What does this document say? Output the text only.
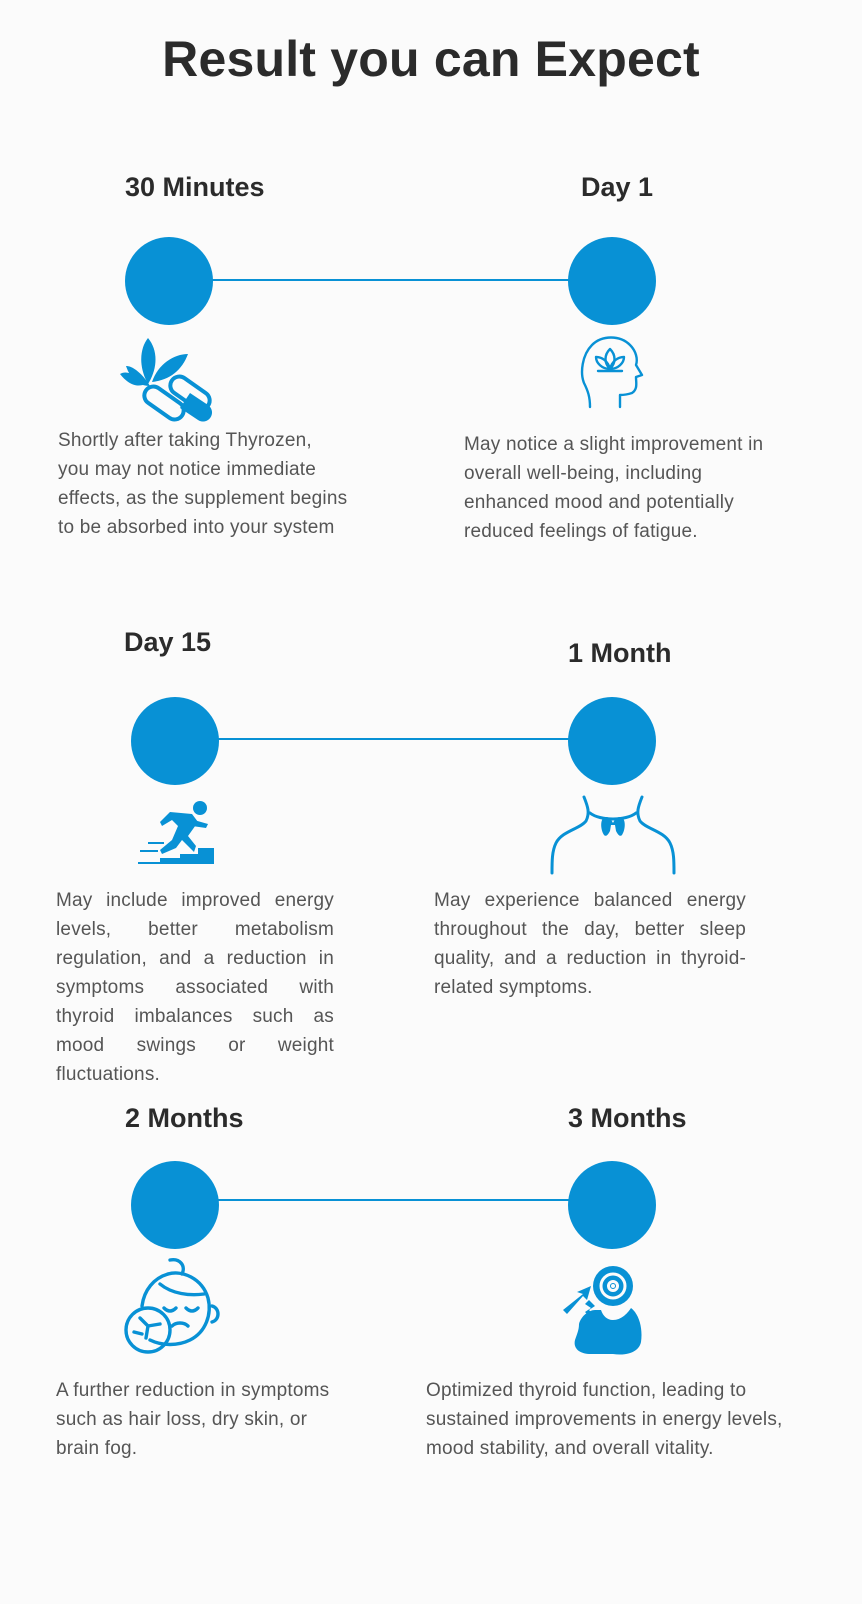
Result you can Expect
30 Minutes	Day 1

Shortly after taking Thyrozen, you may not notice immediate effects, as the supplement begins to be absorbed into your system

May notice a slight improvement in overall well-being, including enhanced mood and potentially reduced feelings of fatigue.

Day 15	1 Month

May include improved energy levels, better metabolism regulation, and a reduction in symptoms associated with thyroid imbalances such as mood swings or weight fluctuations.

May experience balanced energy throughout the day, better sleep quality, and a reduction in thyroid-related symptoms.

2 Months	3 Months

A further reduction in symptoms such as hair loss, dry skin, or brain fog.

Optimized thyroid function, leading to sustained improvements in energy levels, mood stability, and overall vitality.
